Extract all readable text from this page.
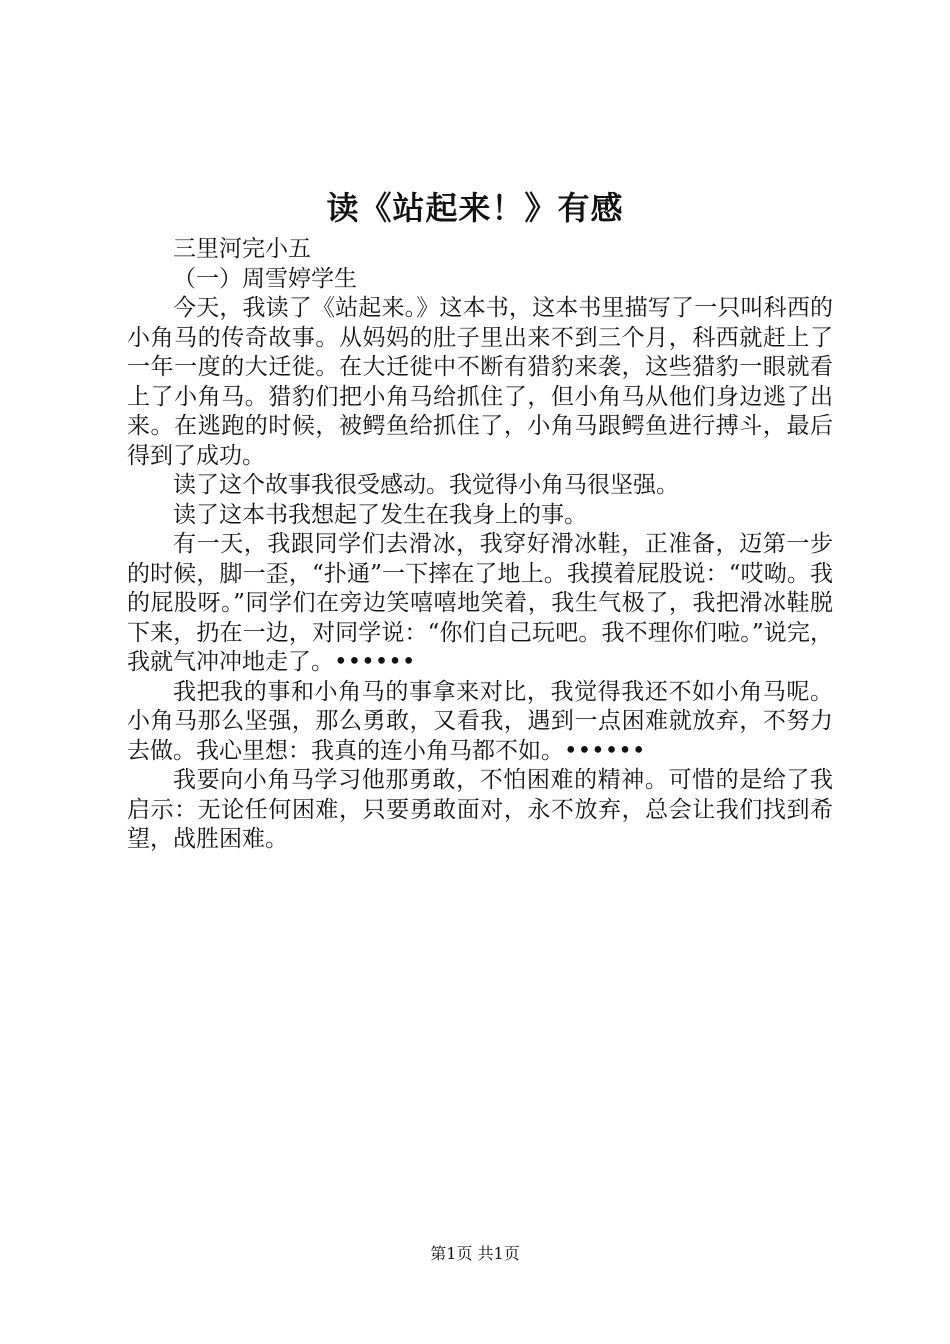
读《站起来！》有感

三里河完小五

（一）周雪婷学生

今天，我读了《站起来。》这本书，这本书里描写了一只叫科西的小角马的传奇故事。从妈妈的肚子里出来不到三个月，科西就赶上了一年一度的大迁徙。在大迁徙中不断有猎豹来袭，这些猎豹一眼就看上了小角马。猎豹们把小角马给抓住了，但小角马从他们身边逃了出来。在逃跑的时候，被鳄鱼给抓住了，小角马跟鳄鱼进行搏斗，最后得到了成功。

读了这个故事我很受感动。我觉得小角马很坚强。

读了这本书我想起了发生在我身上的事。

有一天，我跟同学们去滑冰，我穿好滑冰鞋，正准备，迈第一步的时候，脚一歪，“扑通”一下摔在了地上。我摸着屁股说：“哎呦。我的屁股呀。”同学们在旁边笑嘻嘻地笑着，我生气极了，我把滑冰鞋脱下来，扔在一边，对同学说：“你们自己玩吧。我不理你们啦。”说完，我就气冲冲地走了。••••••

我把我的事和小角马的事拿来对比，我觉得我还不如小角马呢。小角马那么坚强，那么勇敢，又看我，遇到一点困难就放弃，不努力去做。我心里想：我真的连小角马都不如。••••••

我要向小角马学习他那勇敢，不怕困难的精神。可惜的是给了我启示：无论任何困难，只要勇敢面对，永不放弃，总会让我们找到希望，战胜困难。

第1页 共1页
